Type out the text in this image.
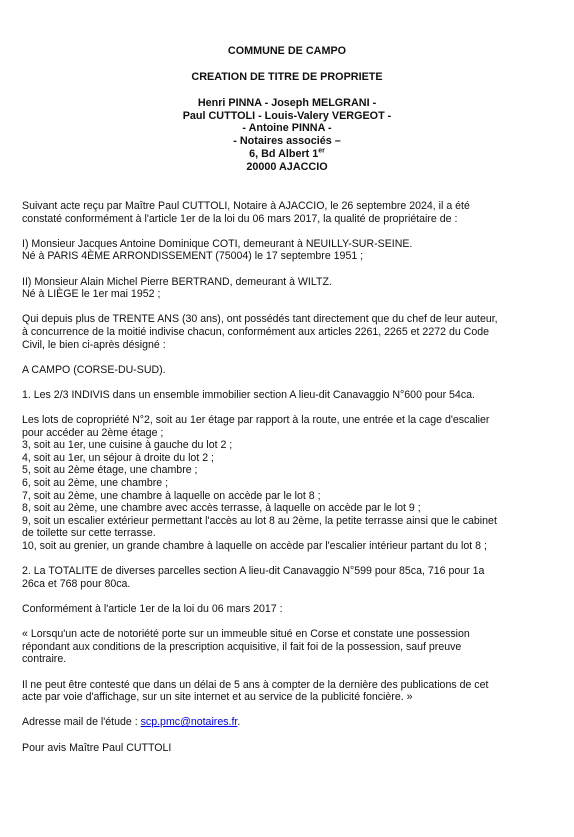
COMMUNE DE CAMPO
CREATION DE TITRE DE PROPRIETE
Henri PINNA - Joseph MELGRANI -
Paul CUTTOLI - Louis-Valery VERGEOT -
- Antoine PINNA -
- Notaires associés –
6, Bd Albert 1er
20000 AJACCIO

Suivant acte reçu par Maître Paul CUTTOLI, Notaire à AJACCIO, le 26 septembre 2024, il a été
constaté conformément à l'article 1er de la loi du 06 mars 2017, la qualité de propriétaire de :

I) Monsieur Jacques Antoine Dominique COTI, demeurant à NEUILLY-SUR-SEINE.
Né à PARIS 4ÈME ARRONDISSEMENT (75004) le 17 septembre 1951 ;

II) Monsieur Alain Michel Pierre BERTRAND, demeurant à WILTZ.
Né à LIÈGE le 1er mai 1952 ;

Qui depuis plus de TRENTE ANS (30 ans), ont possédés tant directement que du chef de leur auteur,
à concurrence de la moitié indivise chacun, conformément aux articles 2261, 2265 et 2272 du Code
Civil, le bien ci-après désigné :

A CAMPO (CORSE-DU-SUD).

1. Les 2/3 INDIVIS dans un ensemble immobilier section A lieu-dit Canavaggio N°600 pour 54ca.

Les lots de copropriété N°2, soit au 1er étage par rapport à la route, une entrée et la cage d'escalier
pour accéder au 2ème étage ;
3, soit au 1er, une cuisine à gauche du lot 2 ;
4, soit au 1er, un séjour à droite du lot 2 ;
5, soit au 2ème étage, une chambre ;
6, soit au 2ème, une chambre ;
7, soit au 2ème, une chambre à laquelle on accède par le lot 8 ;
8, soit au 2ème, une chambre avec accès terrasse, à laquelle on accède par le lot 9 ;
9, soit un escalier extérieur permettant l'accès au lot 8 au 2ème, la petite terrasse ainsi que le cabinet
de toilette sur cette terrasse.
10, soit au grenier, un grande chambre à laquelle on accède par l'escalier intérieur partant du lot 8 ;

2. La TOTALITE de diverses parcelles section A lieu-dit Canavaggio N°599 pour 85ca, 716 pour 1a
26ca et 768 pour 80ca.

Conformément à l'article 1er de la loi du 06 mars 2017 :

« Lorsqu'un acte de notoriété porte sur un immeuble situé en Corse et constate une possession
répondant aux conditions de la prescription acquisitive, il fait foi de la possession, sauf preuve
contraire.

Il ne peut être contesté que dans un délai de 5 ans à compter de la dernière des publications de cet
acte par voie d'affichage, sur un site internet et au service de la publicité foncière. »

Adresse mail de l'étude : scp.pmc@notaires.fr.

Pour avis Maître Paul CUTTOLI
